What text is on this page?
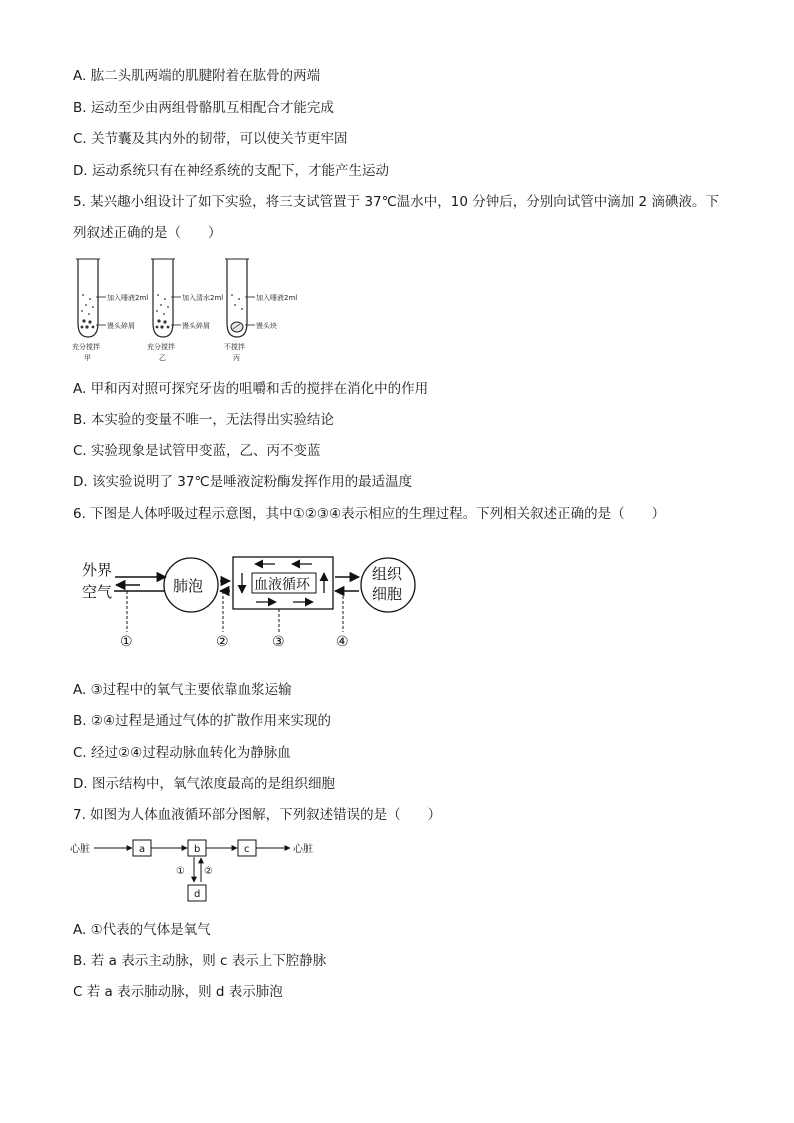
A. 肱二头肌两端的肌腱附着在肱骨的两端
B. 运动至少由两组骨骼肌互相配合才能完成
C. 关节囊及其内外的韧带，可以使关节更牢固
D. 运动系统只有在神经系统的支配下，才能产生运动
5. 某兴趣小组设计了如下实验，将三支试管置于 37℃温水中，10 分钟后，分别向试管中滴加 2 滴碘液。下
列叙述正确的是（　　）
加入唾液2ml
馒头碎屑
充分搅拌
甲
加入清水2ml
馒头碎屑
充分搅拌
乙
加入唾液2ml
馒头块
不搅拌
丙
A. 甲和丙对照可探究牙齿的咀嚼和舌的搅拌在消化中的作用
B. 本实验的变量不唯一，无法得出实验结论
C. 实验现象是试管甲变蓝，乙、丙不变蓝
D. 该实验说明了 37℃是唾液淀粉酶发挥作用的最适温度
6. 下图是人体呼吸过程示意图，其中①②③④表示相应的生理过程。下列相关叙述正确的是（　　）
外界
空气	肺泡	血液循环
组织
细胞
①	②	③	④
A. ③过程中的氧气主要依靠血浆运输
B. ②④过程是通过气体的扩散作用来实现的
C. 经过②④过程动脉血转化为静脉血
D. 图示结构中，氧气浓度最高的是组织细胞
7. 如图为人体血液循环部分图解，下列叙述错误的是（　　）
心脏	a	b	c	心脏
① ②
d
A. ①代表的气体是氧气
B. 若 a 表示主动脉，则 c 表示上下腔静脉
C 若 a 表示肺动脉，则 d 表示肺泡
